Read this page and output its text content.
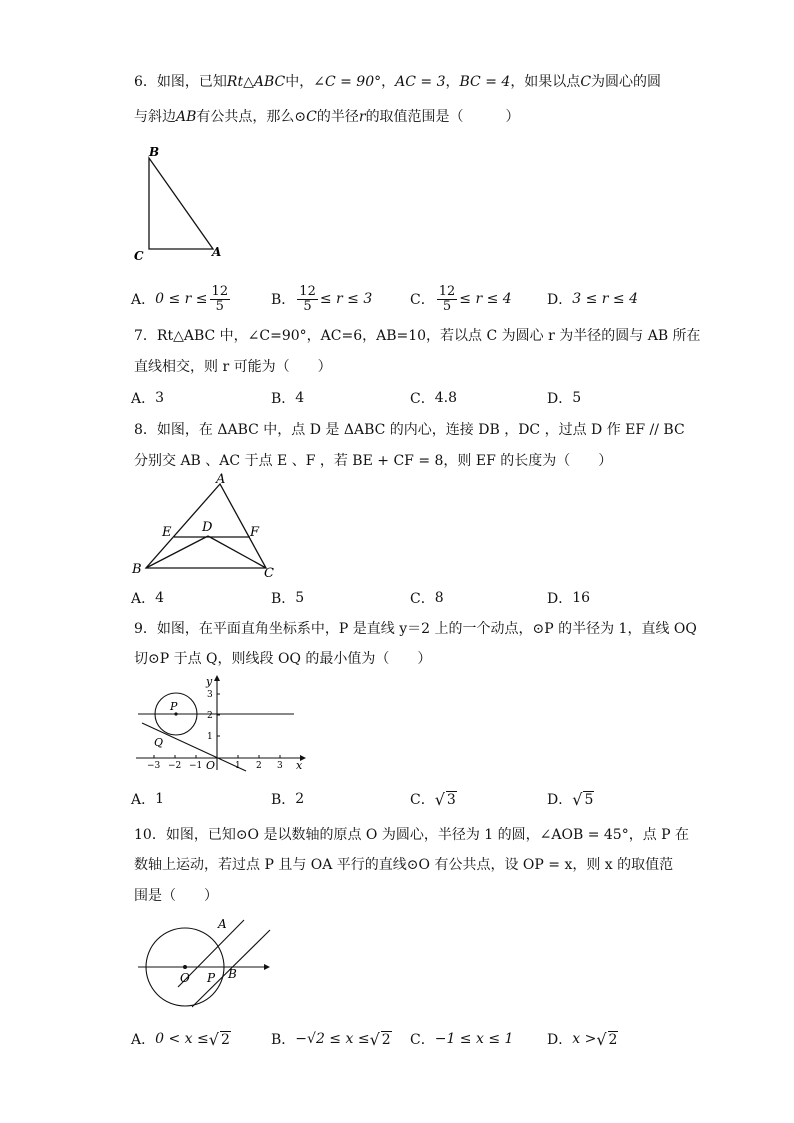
6．如图，已知Rt△ABC中，∠C = 90°，AC = 3，BC = 4，如果以点C为圆心的圆
与斜边AB有公共点，那么⊙C的半径r的取值范围是（　　　）
B
C	A
A． $0 \le r \le \frac{12}{5}$	B． $\frac{12}{5} \le r \le 3$	C． $\frac{12}{5} \le r \le 4$	D． 3 ≤ r ≤ 4
7．Rt△ABC 中，∠C=90°，AC=6，AB=10，若以点 C 为圆心 r 为半径的圆与 AB 所在
直线相交，则 r 可能为（　　）
A． 3	B． 4	C． 4.8	D． 5
8．如图，在 ΔABC 中，点 D 是 ΔABC 的内心，连接 DB ，DC ，过点 D 作 EF // BC
分别交 AB 、AC 于点 E 、F ，若 BE + CF = 8，则 EF 的长度为（　　）
A
E D	F
B	C
A． 4	B． 5	C． 8	D． 16
9．如图，在平面直角坐标系中，P 是直线 y＝2 上的一个动点，⊙P 的半径为 1，直线 OQ
切⊙P 于点 Q，则线段 OQ 的最小值为（　　）
y
x
P
Q
O
3
2
1
−3 −2 −1	1 2 3
A． 1	B． 2	C． √ 3	D． √ 5
10．如图，已知⊙O 是以数轴的原点 O 为圆心，半径为 1 的圆，∠AOB = 45°，点 P 在
数轴上运动，若过点 P 且与 OA 平行的直线⊙O 有公共点，设 OP = x，则 x 的取值范
围是（　　）
A
O P B
A． 0 < x ≤ √ 2	B． −√2 ≤ x ≤ √ 2 C． −1 ≤ x ≤ 1 D． x > √ 2
